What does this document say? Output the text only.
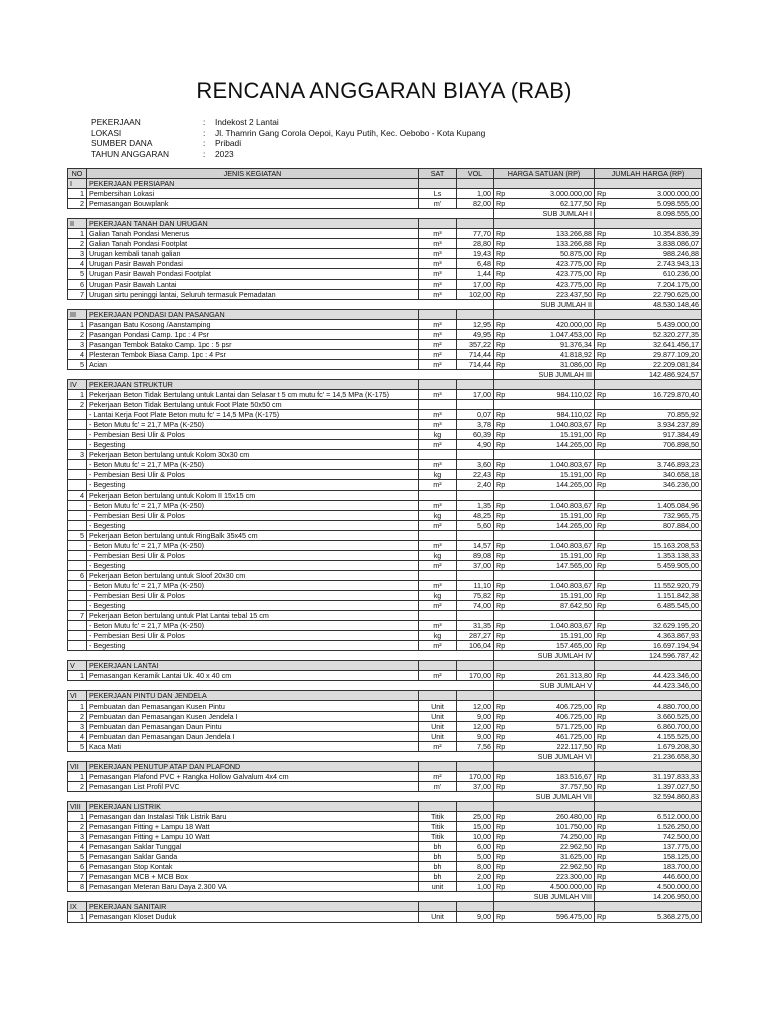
RENCANA ANGGARAN BIAYA (RAB)
PEKERJAAN	:	Indekost 2 Lantai
LOKASI	:	Jl. Thamrin Gang Corola Oepoi, Kayu Putih, Kec. Oebobo - Kota Kupang
SUMBER DANA	:	Pribadi
TAHUN ANGGARAN	:	2023
NO	JENIS KEGIATAN	SAT	VOL	HARGA SATUAN (RP)		JUMLAH HARGA (RP)	
I	PEKERJAAN PERSIAPAN						
1	Pembersihan Lokasi	Ls	1,00	Rp	3.000.000,00	Rp	3.000.000,00
2	Pemasangan Bouwplank	m'	82,00	Rp	62.177,50	Rp	5.098.555,00
				SUB JUMLAH I		8.098.555,00	
II	PEKERJAAN TANAH DAN URUGAN						
1	Galian Tanah Pondasi Menerus	m³	77,70	Rp	133.266,88	Rp	10.354.836,39
2	Galian Tanah Pondasi Footplat	m³	28,80	Rp	133.266,88	Rp	3.838.086,07
3	Urugan kembali tanah galian	m³	19,43	Rp	50.875,00	Rp	988.246,88
4	Urugan Pasir Bawah Pondasi	m³	6,48	Rp	423.775,00	Rp	2.743.943,13
5	Urugan Pasir Bawah Pondasi Footplat	m³	1,44	Rp	423.775,00	Rp	610.236,00
6	Urugan Pasir Bawah Lantai	m³	17,00	Rp	423.775,00	Rp	7.204.175,00
7	Urugan sirtu peninggi lantai, Seluruh termasuk Pemadatan	m³	102,00	Rp	223.437,50	Rp	22.790.625,00
				SUB JUMLAH II		48.530.148,46	
III	PEKERJAAN PONDASI DAN PASANGAN						
1	Pasangan Batu Kosong /Aanstamping	m³	12,95	Rp	420.000,00	Rp	5.439.000,00
2	Pasangan Pondasi Camp. 1pc : 4 Psr	m³	49,95	Rp	1.047.453,00	Rp	52.320.277,35
3	Pasangan Tembok Batako Camp. 1pc : 5 psr	m²	357,22	Rp	91.376,34	Rp	32.641.456,17
4	Plesteran Tembok Biasa Camp. 1pc : 4 Psr	m²	714,44	Rp	41.818,92	Rp	29.877.109,20
5	Acian	m²	714,44	Rp	31.086,00	Rp	22.209.081,84
				SUB JUMLAH III		142.486.924,57	
IV	PEKERJAAN STRUKTUR						
1	Pekerjaan Beton Tidak Bertulang untuk Lantai dan Selasar t 5 cm mutu fc' = 14,5 MPa (K-175)	m³	17,00	Rp	984.110,02	Rp	16.729.870,40
2	Pekerjaan Beton Tidak Bertulang untuk Foot Plate 50x50 cm						
	- Lantai Kerja Foot Plate Beton mutu fc' = 14,5 MPa (K-175)	m³	0,07	Rp	984.110,02	Rp	70.855,92
	- Beton Mutu fc' = 21,7 MPa (K-250)	m³	3,78	Rp	1.040.803,67	Rp	3.934.237,89
	- Pembesian Besi Ulir & Polos	kg	60,39	Rp	15.191,00	Rp	917.384,49
	- Begesting	m²	4,90	Rp	144.265,00	Rp	706.898,50
3	Pekerjaan Beton bertulang untuk Kolom 30x30 cm						
	- Beton Mutu fc' = 21,7 MPa (K-250)	m³	3,60	Rp	1.040.803,67	Rp	3.746.893,23
	- Pembesian Besi Ulir & Polos	kg	22,43	Rp	15.191,00	Rp	340.658,18
	- Begesting	m²	2,40	Rp	144.265,00	Rp	346.236,00
4	Pekerjaan Beton bertulang untuk Kolom II 15x15 cm						
	- Beton Mutu fc' = 21,7 MPa (K-250)	m³	1,35	Rp	1.040.803,67	Rp	1.405.084,96
	- Pembesian Besi Ulir & Polos	kg	48,25	Rp	15.191,00	Rp	732.965,75
	- Begesting	m²	5,60	Rp	144.265,00	Rp	807.884,00
5	Pekerjaan Beton bertulang untuk RingBalk 35x45 cm						
	- Beton Mutu fc' = 21,7 MPa (K-250)	m³	14,57	Rp	1.040.803,67	Rp	15.163.208,53
	- Pembesian Besi Ulir & Polos	kg	89,08	Rp	15.191,00	Rp	1.353.138,33
	- Begesting	m²	37,00	Rp	147.565,00	Rp	5.459.905,00
6	Pekerjaan Beton bertulang untuk Sloof 20x30 cm						
	- Beton Mutu fc' = 21,7 MPa (K-250)	m³	11,10	Rp	1.040.803,67	Rp	11.552.920,79
	- Pembesian Besi Ulir & Polos	kg	75,82	Rp	15.191,00	Rp	1.151.842,38
	- Begesting	m²	74,00	Rp	87.642,50	Rp	6.485.545,00
7	Pekerjaan Beton bertulang untuk Plat Lantai tebal 15 cm						
	- Beton Mutu fc' = 21,7 MPa (K-250)	m³	31,35	Rp	1.040.803,67	Rp	32.629.195,20
	- Pembesian Besi Ulir & Polos	kg	287,27	Rp	15.191,00	Rp	4.363.867,93
	- Begesting	m²	106,04	Rp	157.465,00	Rp	16.697.194,94
				SUB JUMLAH IV		124.596.787,42	
V	PEKERJAAN LANTAI						
1	Pemasangan Keramik Lantai Uk. 40 x 40 cm	m²	170,00	Rp	261.313,80	Rp	44.423.346,00
				SUB JUMLAH V		44.423.346,00	
VI	PEKERJAAN PINTU DAN JENDELA						
1	Pembuatan dan Pemasangan Kusen Pintu	Unit	12,00	Rp	406.725,00	Rp	4.880.700,00
2	Pembuatan dan Pemasangan Kusen Jendela I	Unit	9,00	Rp	406.725,00	Rp	3.660.525,00
3	Pembuatan dan Pemasangan Daun Pintu	Unit	12,00	Rp	571.725,00	Rp	6.860.700,00
4	Pembuatan dan Pemasangan Daun Jendela I	Unit	9,00	Rp	461.725,00	Rp	4.155.525,00
5	Kaca Mati	m²	7,56	Rp	222.117,50	Rp	1.679.208,30
				SUB JUMLAH VI		21.236.658,30	
VII	PEKERJAAN PENUTUP ATAP DAN PLAFOND						
1	Pemasangan Plafond PVC + Rangka Hollow Galvalum 4x4 cm	m²	170,00	Rp	183.516,67	Rp	31.197.833,33
2	Pemasangan List Profil PVC	m'	37,00	Rp	37.757,50	Rp	1.397.027,50
				SUB JUMLAH VII		32.594.860,83	
VIII	PEKERJAAN LISTRIK						
1	Pemasangan dan Instalasi Titik Listrik Baru	Titik	25,00	Rp	260.480,00	Rp	6.512.000,00
2	Pemasangan Fitting + Lampu 18 Watt	Titik	15,00	Rp	101.750,00	Rp	1.526.250,00
3	Pemasangan Fitting + Lampu 10 Watt	Titik	10,00	Rp	74.250,00	Rp	742.500,00
4	Pemasangan Saklar Tunggal	bh	6,00	Rp	22.962,50	Rp	137.775,00
5	Pemasangan Saklar Ganda	bh	5,00	Rp	31.625,00	Rp	158.125,00
6	Pemasangan Stop Kontak	bh	8,00	Rp	22.962,50	Rp	183.700,00
7	Pemasangan MCB + MCB Box	bh	2,00	Rp	223.300,00	Rp	446.600,00
8	Pemasangan Meteran Baru Daya 2.300 VA	unit	1,00	Rp	4.500.000,00	Rp	4.500.000,00
				SUB JUMLAH VIII		14.206.950,00	
IX	PEKERJAAN SANITAIR						
1	Pemasangan Kloset Duduk	Unit	9,00	Rp	596.475,00	Rp	5.368.275,00
